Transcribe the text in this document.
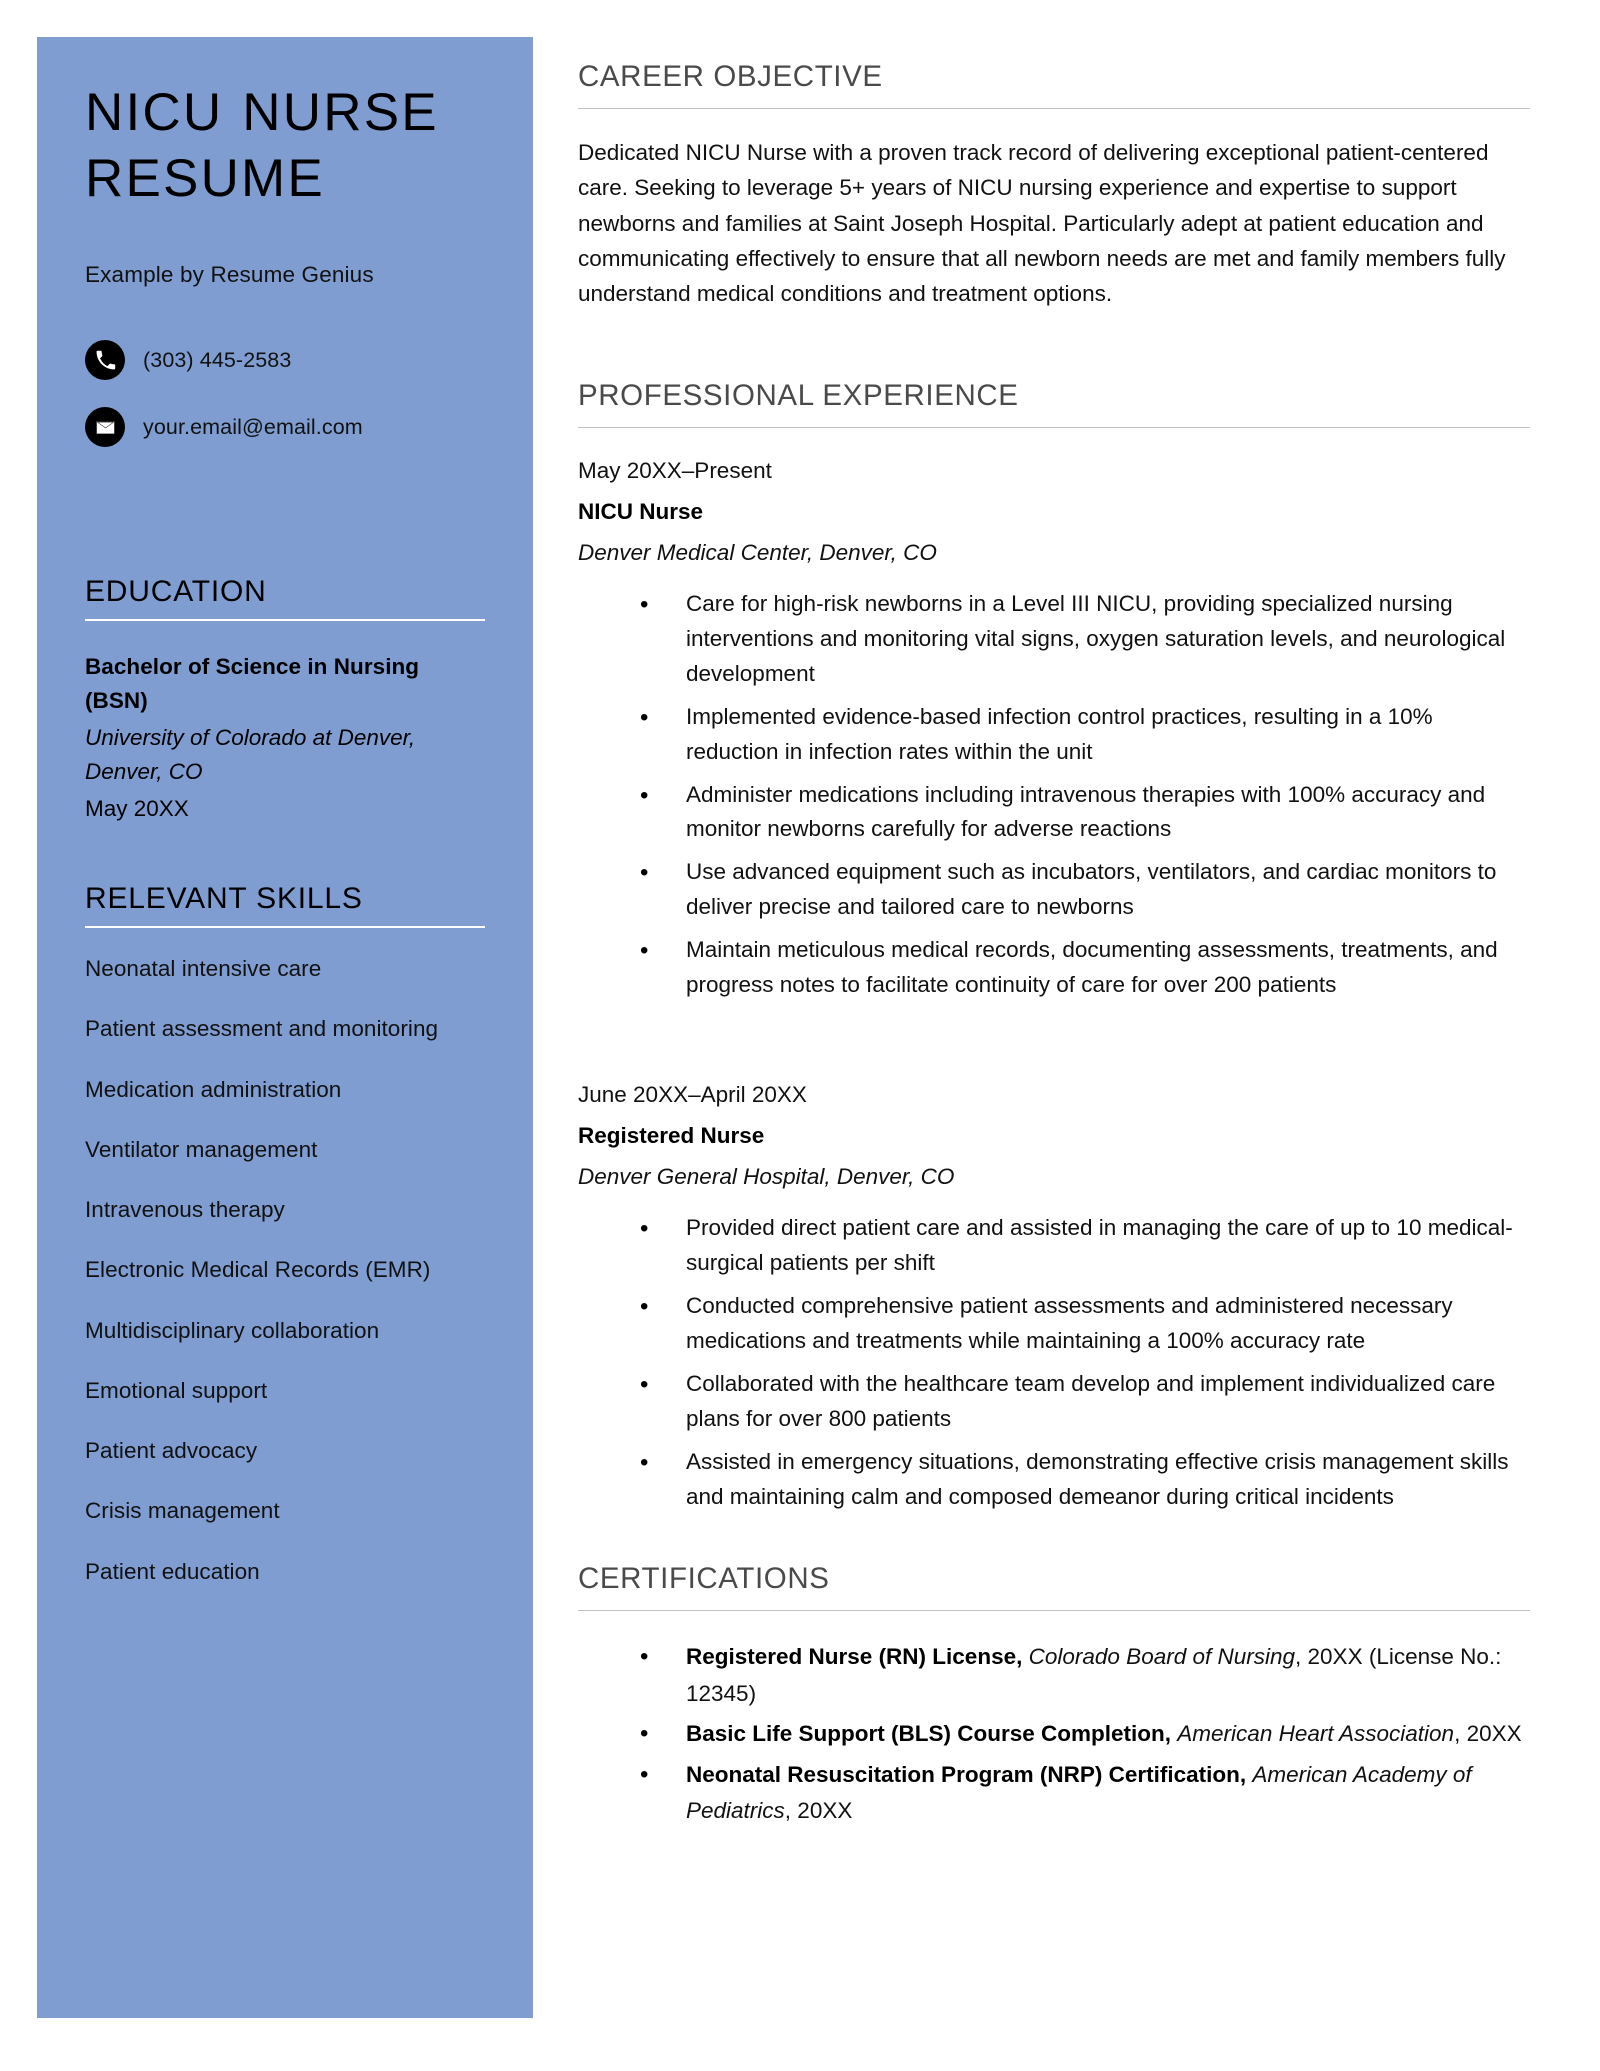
NICU NURSE RESUME

Example by Resume Genius

(303) 445-2583
your.email@email.com
EDUCATION
Bachelor of Science in Nursing (BSN)
University of Colorado at Denver, Denver, CO
May 20XX
RELEVANT SKILLS
Neonatal intensive care
Patient assessment and monitoring
Medication administration
Ventilator management
Intravenous therapy
Electronic Medical Records (EMR)
Multidisciplinary collaboration
Emotional support
Patient advocacy
Crisis management
Patient education
CAREER OBJECTIVE

Dedicated NICU Nurse with a proven track record of delivering exceptional patient-centered care. Seeking to leverage 5+ years of NICU nursing experience and expertise to support newborns and families at Saint Joseph Hospital. Particularly adept at patient education and communicating effectively to ensure that all newborn needs are met and family members fully understand medical conditions and treatment options.

PROFESSIONAL EXPERIENCE
May 20XX–Present
NICU Nurse
Denver Medical Center, Denver, CO
• Care for high-risk newborns in a Level III NICU, providing specialized nursing interventions and monitoring vital signs, oxygen saturation levels, and neurological development
• Implemented evidence-based infection control practices, resulting in a 10% reduction in infection rates within the unit
• Administer medications including intravenous therapies with 100% accuracy and monitor newborns carefully for adverse reactions
• Use advanced equipment such as incubators, ventilators, and cardiac monitors to deliver precise and tailored care to newborns
• Maintain meticulous medical records, documenting assessments, treatments, and progress notes to facilitate continuity of care for over 200 patients
June 20XX–April 20XX
Registered Nurse
Denver General Hospital, Denver, CO
• Provided direct patient care and assisted in managing the care of up to 10 medical-surgical patients per shift
• Conducted comprehensive patient assessments and administered necessary medications and treatments while maintaining a 100% accuracy rate
• Collaborated with the healthcare team develop and implement individualized care plans for over 800 patients
• Assisted in emergency situations, demonstrating effective crisis management skills and maintaining calm and composed demeanor during critical incidents
CERTIFICATIONS
• Registered Nurse (RN) License, Colorado Board of Nursing, 20XX (License No.: 12345)
• Basic Life Support (BLS) Course Completion, American Heart Association, 20XX
• Neonatal Resuscitation Program (NRP) Certification, American Academy of Pediatrics, 20XX
